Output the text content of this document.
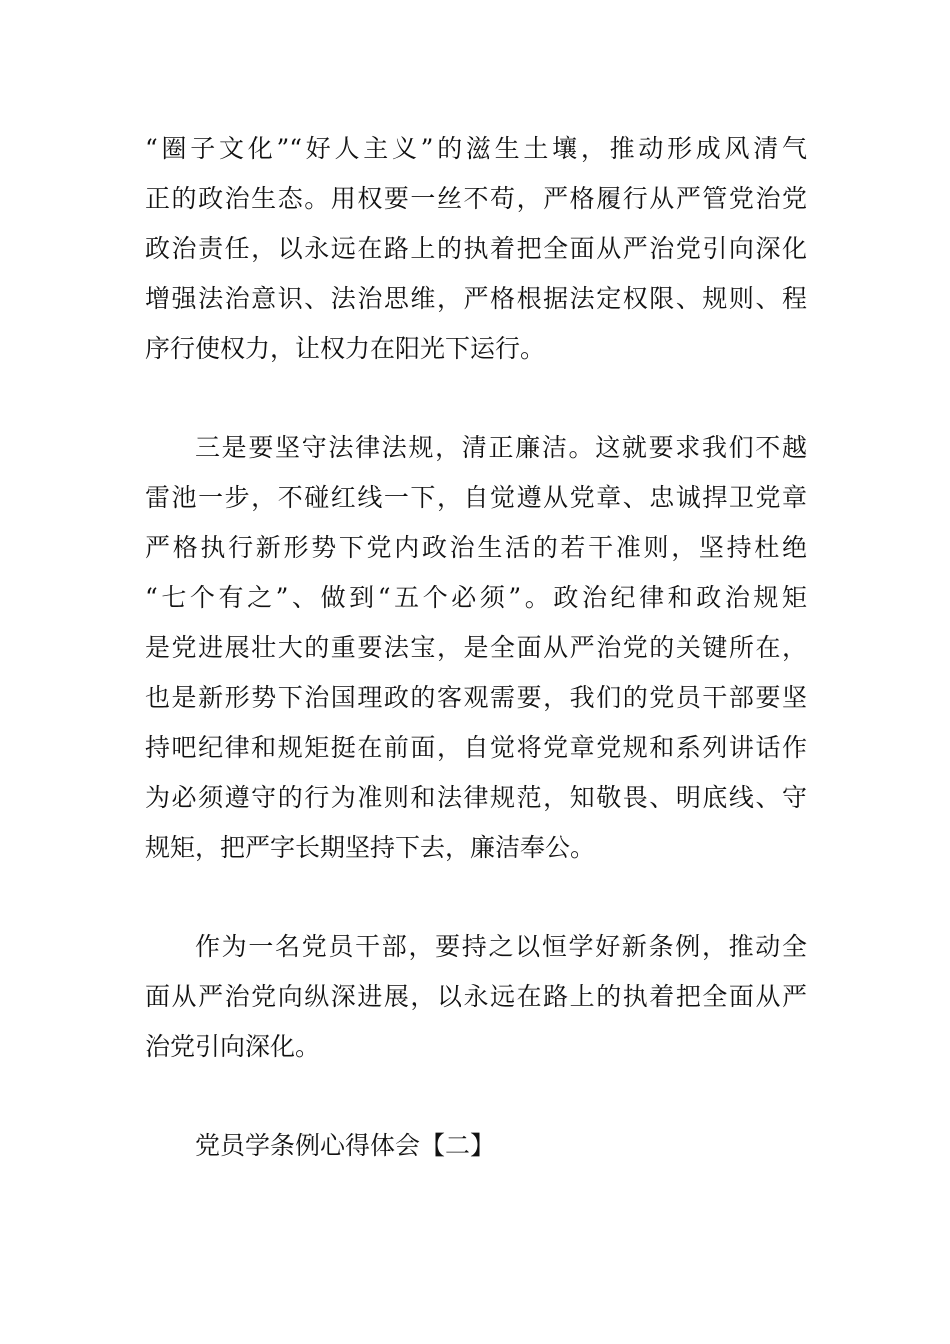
“圈子文化”“好人主义”的滋生土壤，推动形成风清气
正的政治生态。用权要一丝不苟，严格履行从严管党治党
政治责任，以永远在路上的执着把全面从严治党引向深化
增强法治意识、法治思维，严格根据法定权限、规则、程
序行使权力，让权力在阳光下运行。
三是要坚守法律法规，清正廉洁。这就要求我们不越
雷池一步，不碰红线一下，自觉遵从党章、忠诚捍卫党章
严格执行新形势下党内政治生活的若干准则，坚持杜绝
“七个有之”、做到“五个必须”。政治纪律和政治规矩
是党进展壮大的重要法宝，是全面从严治党的关键所在，
也是新形势下治国理政的客观需要，我们的党员干部要坚
持吧纪律和规矩挺在前面，自觉将党章党规和系列讲话作
为必须遵守的行为准则和法律规范，知敬畏、明底线、守
规矩，把严字长期坚持下去，廉洁奉公。
作为一名党员干部，要持之以恒学好新条例，推动全
面从严治党向纵深进展，以永远在路上的执着把全面从严
治党引向深化。
党员学条例心得体会【二】
